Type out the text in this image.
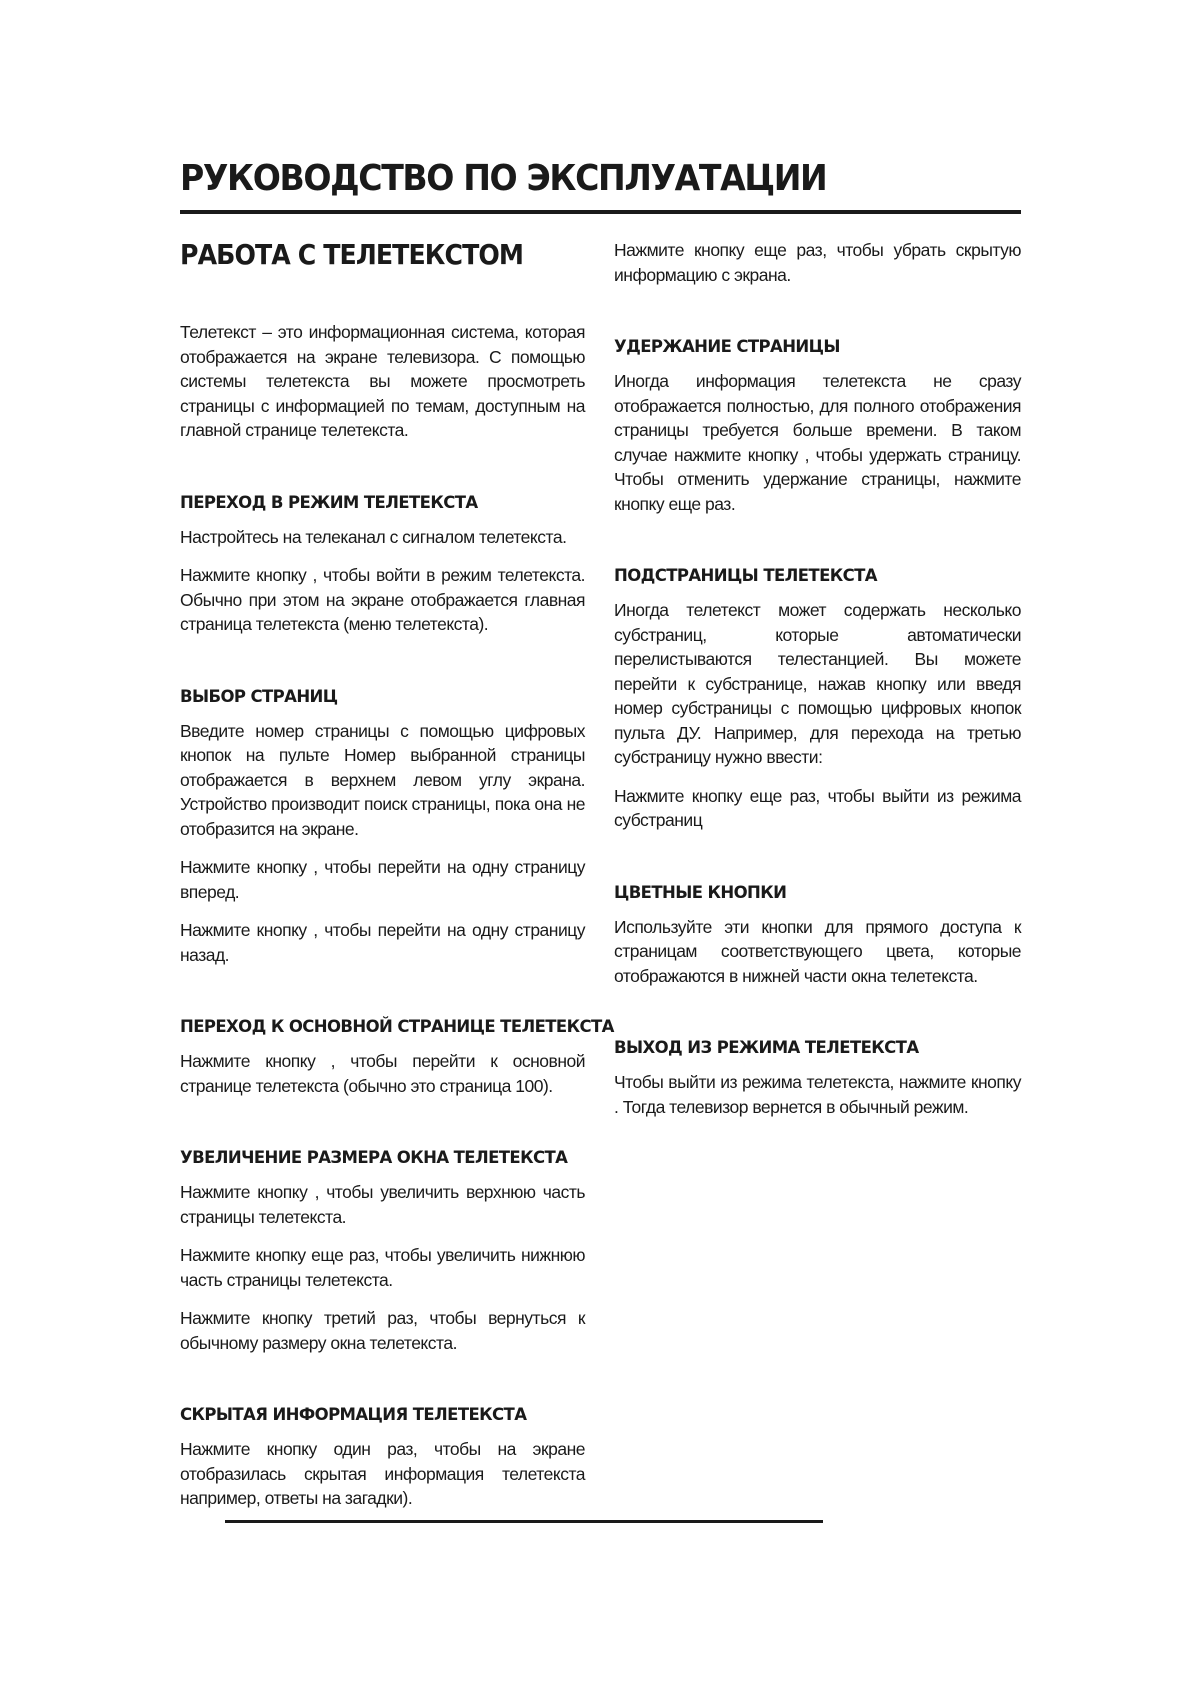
РУКОВОДСТВО ПО ЭКСПЛУАТАЦИИ
РАБОТА С ТЕЛЕТЕКСТОМ

Телетекст – это информационная система, которая отображается на экране телевизора. С помощью системы телетекста вы можете просмотреть страницы с информацией по темам, доступным на главной странице телетекста.

ПЕРЕХОД В РЕЖИМ ТЕЛЕТЕКСТА

Настройтесь на телеканал с сигналом телетекста.

Нажмите кнопку , чтобы войти в режим телетекста. Обычно при этом на экране отображается главная страница телетекста (меню телетекста).

ВЫБОР СТРАНИЦ

Введите номер страницы с помощью цифровых кнопок на пульте Номер выбранной страницы отображается в верхнем левом углу экрана. Устройство производит поиск страницы, пока она не отобразится на экране.

Нажмите кнопку , чтобы перейти на одну страницу вперед.

Нажмите кнопку , чтобы перейти на одну страницу назад.

ПЕРЕХОД К ОСНОВНОЙ СТРАНИЦЕ ТЕЛЕТЕКСТА

Нажмите кнопку , чтобы перейти к основной странице телетекста (обычно это страница 100).

УВЕЛИЧЕНИЕ РАЗМЕРА ОКНА ТЕЛЕТЕКСТА

Нажмите кнопку , чтобы увеличить верхнюю часть страницы телетекста.

Нажмите кнопку еще раз, чтобы увеличить нижнюю часть страницы телетекста.

Нажмите кнопку третий раз, чтобы вернуться к обычному размеру окна телетекста.

СКРЫТАЯ ИНФОРМАЦИЯ ТЕЛЕТЕКСТА

Нажмите кнопку один раз, чтобы на экране отобразилась скрытая информация телетекста например, ответы на загадки).

Нажмите кнопку еще раз, чтобы убрать скрытую информацию с экрана.

УДЕРЖАНИЕ СТРАНИЦЫ

Иногда информация телетекста не сразу отображается полностью, для полного отображения страницы требуется больше времени. В таком случае нажмите кнопку , чтобы удержать страницу. Чтобы отменить удержание страницы, нажмите кнопку еще раз.

ПОДСТРАНИЦЫ ТЕЛЕТЕКСТА

Иногда телетекст может содержать несколько субстраниц, которые автоматически перелистываются телестанцией. Вы можете перейти к субстранице, нажав кнопку или введя номер субстраницы с помощью цифровых кнопок пульта ДУ. Например, для перехода на третью субстраницу нужно ввести:

Нажмите кнопку еще раз, чтобы выйти из режима субстраниц

ЦВЕТНЫЕ КНОПКИ

Используйте эти кнопки для прямого доступа к страницам соответствующего цвета, которые отображаются в нижней части окна телетекста.

ВЫХОД ИЗ РЕЖИМА ТЕЛЕТЕКСТА

Чтобы выйти из режима телетекста, нажмите кнопку . Тогда телевизор вернется в обычный режим.
